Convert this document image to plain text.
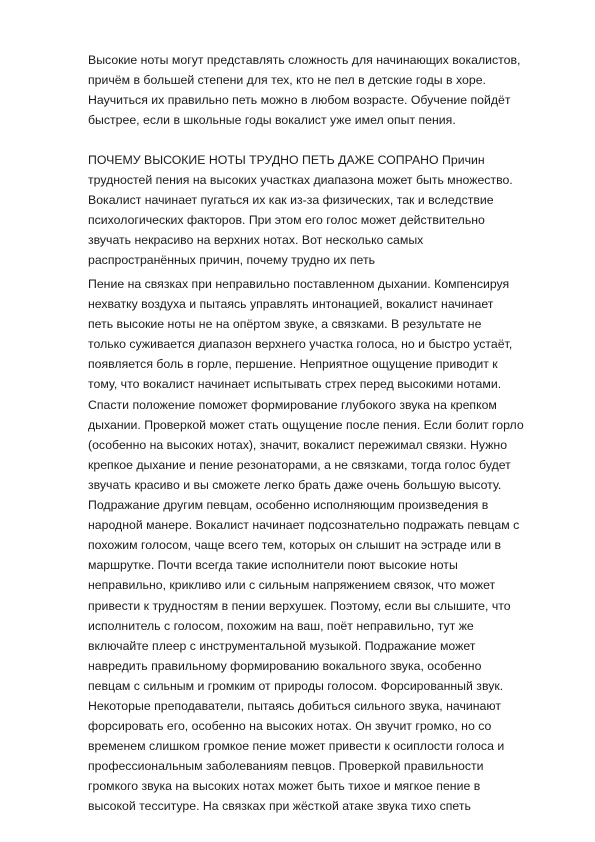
Высокие ноты могут представлять сложность для начинающих вокалистов,
причём в большей степени для тех, кто не пел в детские годы в хоре.
Научиться их правильно петь можно в любом возрасте. Обучение пойдёт
быстрее, если в школьные годы вокалист уже имел опыт пения.
ПОЧЕМУ ВЫСОКИЕ НОТЫ ТРУДНО ПЕТЬ ДАЖЕ СОПРАНО Причин
трудностей пения на высоких участках диапазона может быть множество.
Вокалист начинает пугаться их как из-за физических, так и вследствие
психологических факторов. При этом его голос может действительно
звучать некрасиво на верхних нотах. Вот несколько самых
распространённых причин, почему трудно их петь
Пение на связках при неправильно поставленном дыхании. Компенсируя
нехватку воздуха и пытаясь управлять интонацией, вокалист начинает
петь высокие ноты не на опёртом звуке, а связками. В результате не
только суживается диапазон верхнего участка голоса, но и быстро устаёт,
появляется боль в горле, першение. Неприятное ощущение приводит к
тому, что вокалист начинает испытывать стрех перед высокими нотами.
Спасти положение поможет формирование глубокого звука на крепком
дыхании. Проверкой может стать ощущение после пения. Если болит горло
(особенно на высоких нотах), значит, вокалист пережимал связки. Нужно
крепкое дыхание и пение резонаторами, а не связками, тогда голос будет
звучать красиво и вы сможете легко брать даже очень большую высоту.
Подражание другим певцам, особенно исполняющим произведения в
народной манере. Вокалист начинает подсознательно подражать певцам с
похожим голосом, чаще всего тем, которых он слышит на эстраде или в
маршрутке. Почти всегда такие исполнители поют высокие ноты
неправильно, крикливо или с сильным напряжением связок, что может
привести к трудностям в пении верхушек. Поэтому, если вы слышите, что
исполнитель с голосом, похожим на ваш, поёт неправильно, тут же
включайте плеер с инструментальной музыкой. Подражание может
навредить правильному формированию вокального звука, особенно
певцам с сильным и громким от природы голосом. Форсированный звук.
Некоторые преподаватели, пытаясь добиться сильного звука, начинают
форсировать его, особенно на высоких нотах. Он звучит громко, но со
временем слишком громкое пение может привести к осиплости голоса и
профессиональным заболеваниям певцов. Проверкой правильности
громкого звука на высоких нотах может быть тихое и мягкое пение в
высокой тесситуре. На связках при жёсткой атаке звука тихо спеть
